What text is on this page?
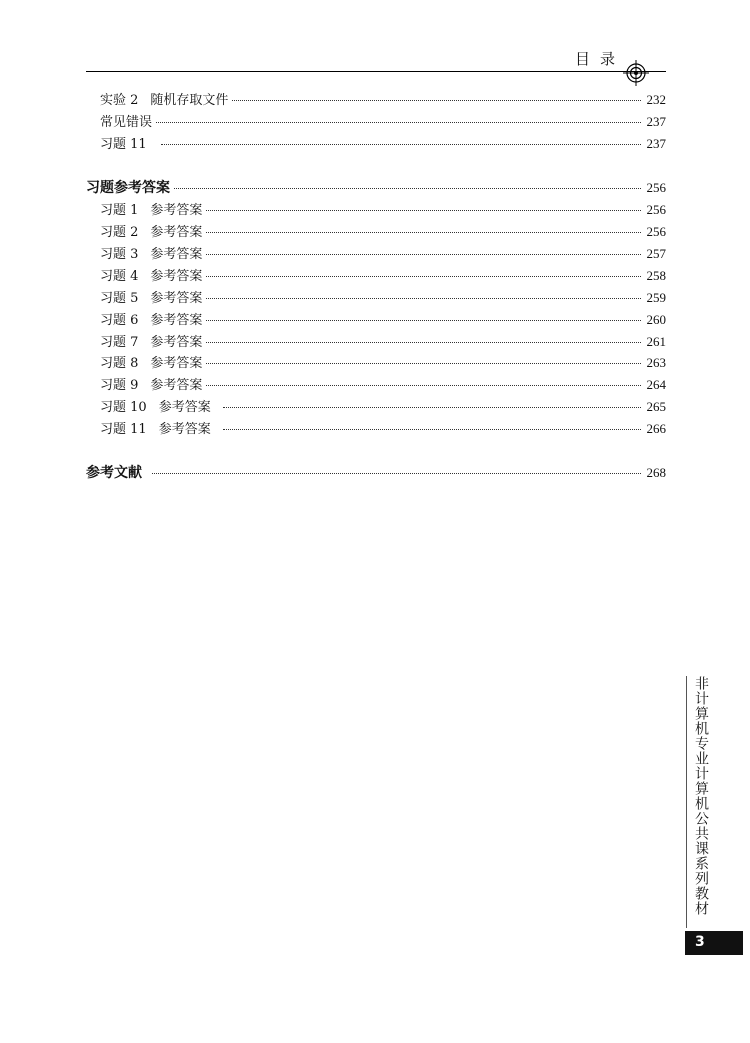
目录
实验 2 随机存取文件	232
常见错误	237
习题 11	237
习题参考答案	256
习题 1 参考答案	256
习题 2 参考答案	256
习题 3 参考答案	257
习题 4 参考答案	258
习题 5 参考答案	259
习题 6 参考答案	260
习题 7 参考答案	261
习题 8 参考答案	263
习题 9 参考答案	264
习题 10 参考答案	265
习题 11 参考答案	266
参考文献	268
非计算机专业计算机公共课系列教材
3
